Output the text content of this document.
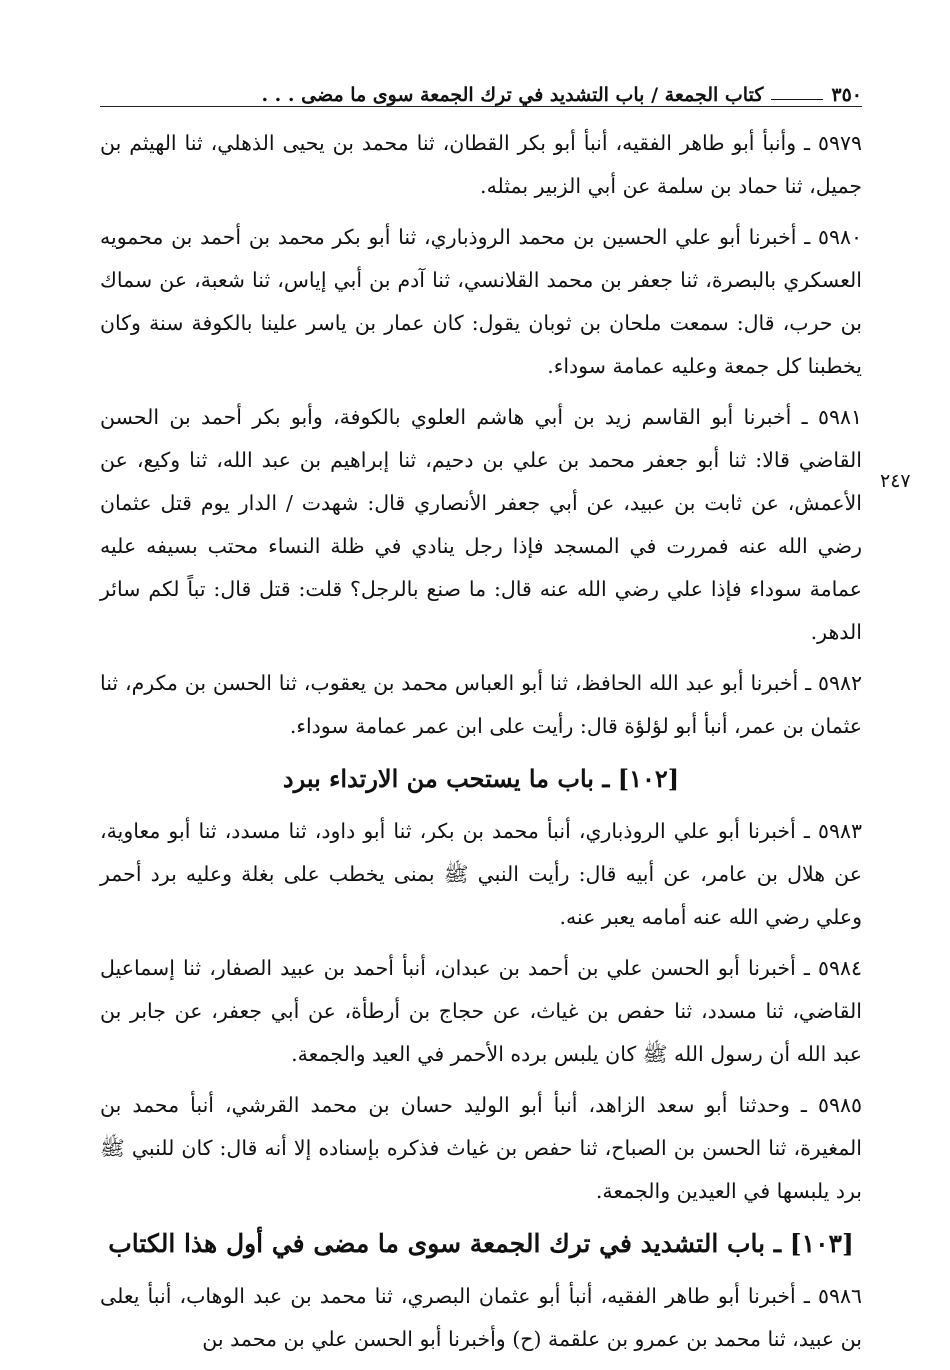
٣٥٠
كتاب الجمعة / باب التشديد في ترك الجمعة سوى ما مضى . . .
٢٤٧

٥٩٧٩ ـ وأنبأ أبو طاهر الفقيه، أنبأ أبو بكر القطان، ثنا محمد بن يحيى الذهلي، ثنا الهيثم بن جميل، ثنا حماد بن سلمة عن أبي الزبير بمثله.

٥٩٨٠ ـ أخبرنا أبو علي الحسين بن محمد الروذباري، ثنا أبو بكر محمد بن أحمد بن محمويه العسكري بالبصرة، ثنا جعفر بن محمد القلانسي، ثنا آدم بن أبي إياس، ثنا شعبة، عن سماك بن حرب، قال: سمعت ملحان بن ثوبان يقول: كان عمار بن ياسر علينا بالكوفة سنة وكان يخطبنا كل جمعة وعليه عمامة سوداء.

٥٩٨١ ـ أخبرنا أبو القاسم زيد بن أبي هاشم العلوي بالكوفة، وأبو بكر أحمد بن الحسن القاضي قالا: ثنا أبو جعفر محمد بن علي بن دحيم، ثنا إبراهيم بن عبد الله، ثنا وكيع، عن الأعمش، عن ثابت بن عبيد، عن أبي جعفر الأنصاري قال: شهدت / الدار يوم قتل عثمان رضي الله عنه فمررت في المسجد فإذا رجل ينادي في ظلة النساء محتب بسيفه عليه عمامة سوداء فإذا علي رضي الله عنه قال: ما صنع بالرجل؟ قلت: قتل قال: تباً لكم سائر الدهر.

٥٩٨٢ ـ أخبرنا أبو عبد الله الحافظ، ثنا أبو العباس محمد بن يعقوب، ثنا الحسن بن مكرم، ثنا عثمان بن عمر، أنبأ أبو لؤلؤة قال: رأيت على ابن عمر عمامة سوداء.

[١٠٢] ـ باب ما يستحب من الارتداء ببرد

٥٩٨٣ ـ أخبرنا أبو علي الروذباري، أنبأ محمد بن بكر، ثنا أبو داود، ثنا مسدد، ثنا أبو معاوية، عن هلال بن عامر، عن أبيه قال: رأيت النبي ﷺ بمنى يخطب على بغلة وعليه برد أحمر وعلي رضي الله عنه أمامه يعبر عنه.

٥٩٨٤ ـ أخبرنا أبو الحسن علي بن أحمد بن عبدان، أنبأ أحمد بن عبيد الصفار، ثنا إسماعيل القاضي، ثنا مسدد، ثنا حفص بن غياث، عن حجاج بن أرطأة، عن أبي جعفر، عن جابر بن عبد الله أن رسول الله ﷺ كان يلبس برده الأحمر في العيد والجمعة.

٥٩٨٥ ـ وحدثنا أبو سعد الزاهد، أنبأ أبو الوليد حسان بن محمد القرشي، أنبأ محمد بن المغيرة، ثنا الحسن بن الصباح، ثنا حفص بن غياث فذكره بإسناده إلا أنه قال: كان للنبي ﷺ برد يلبسها في العيدين والجمعة.

[١٠٣] ـ باب التشديد في ترك الجمعة سوى ما مضى في أول هذا الكتاب

٥٩٨٦ ـ أخبرنا أبو طاهر الفقيه، أنبأ أبو عثمان البصري، ثنا محمد بن عبد الوهاب، أنبأ يعلى بن عبيد، ثنا محمد بن عمرو بن علقمة (ح) وأخبرنا أبو الحسن علي بن محمد بن
